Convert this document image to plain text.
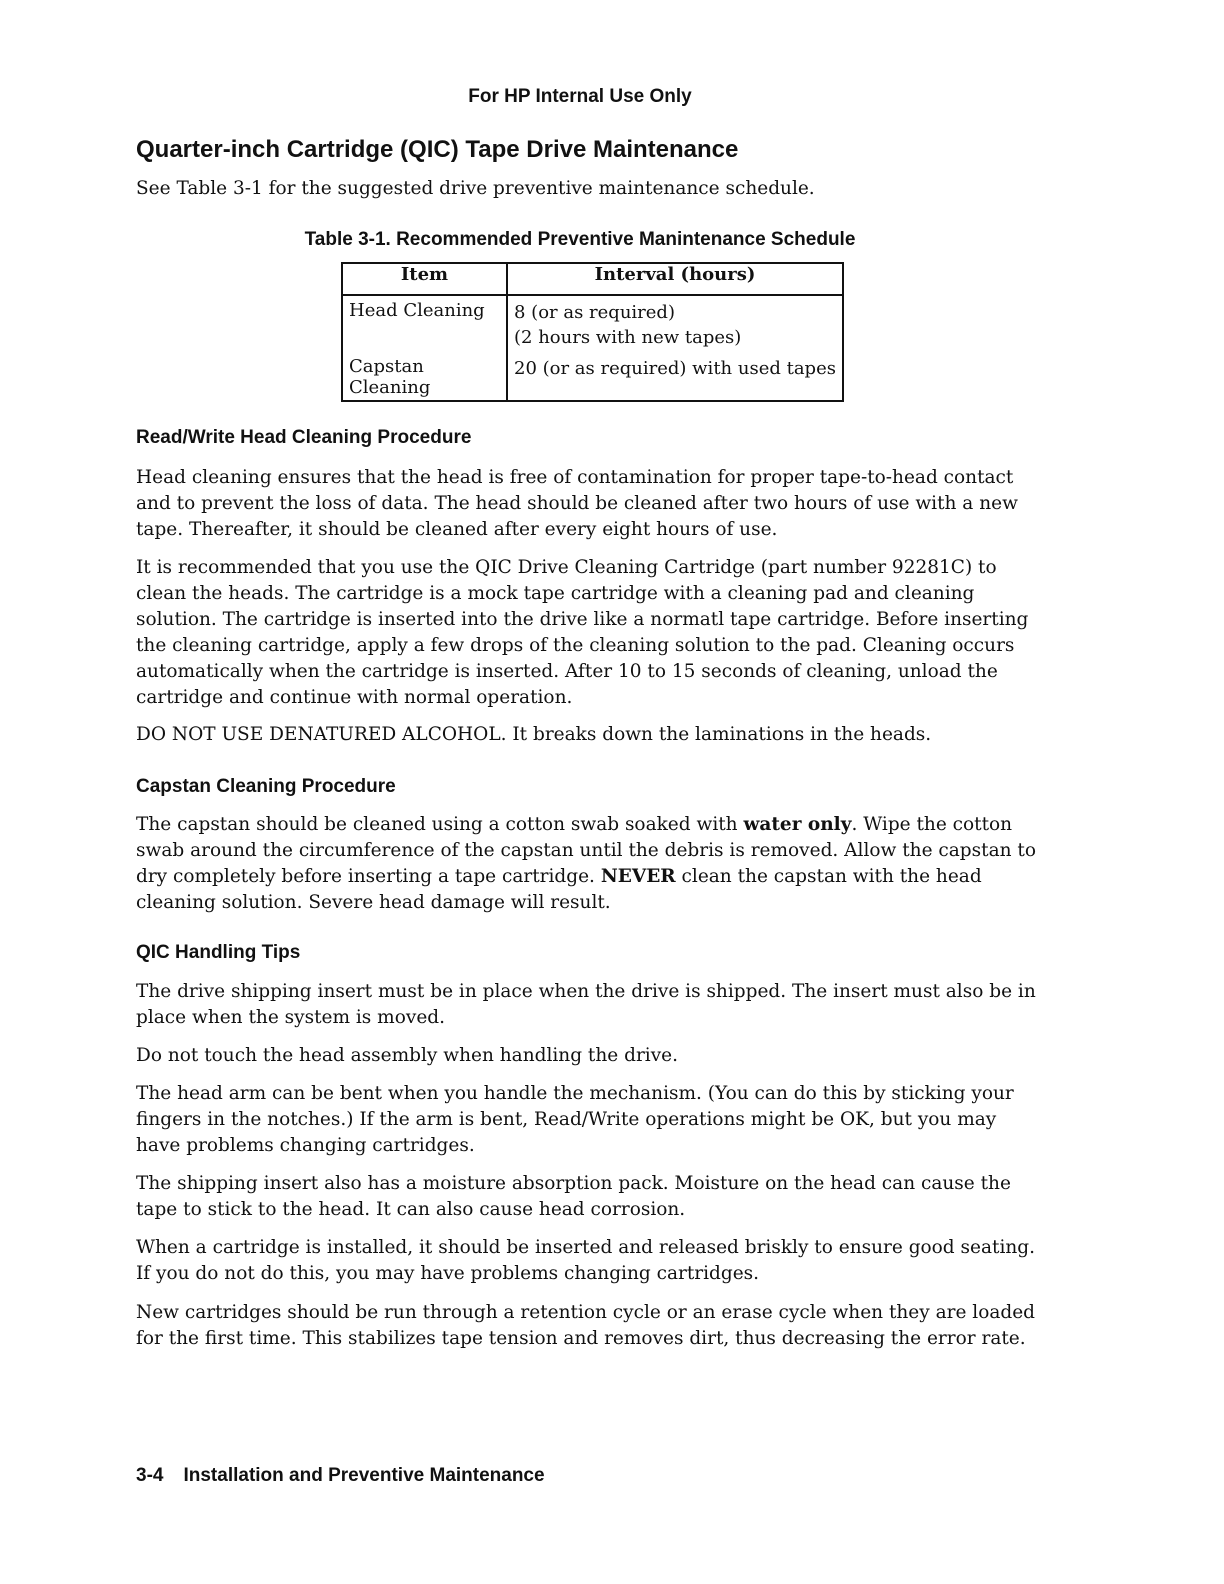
For HP Internal Use Only
Quarter-inch Cartridge (QIC) Tape Drive Maintenance

See Table 3-1 for the suggested drive preventive maintenance schedule.

Table 3-1. Recommended Preventive Manintenance Schedule
Item	Interval (hours)
Head Cleaning	8 (or as required)
(2 hours with new tapes)

Capstan Cleaning	20 (or as required) with used tapes
Read/Write Head Cleaning Procedure

Head cleaning ensures that the head is free of contamination for proper tape-to-head contact and to prevent the loss of data. The head should be cleaned after two hours of use with a new tape. Thereafter, it should be cleaned after every eight hours of use.

It is recommended that you use the QIC Drive Cleaning Cartridge (part number 92281C) to clean the heads. The cartridge is a mock tape cartridge with a cleaning pad and cleaning solution. The cartridge is inserted into the drive like a normatl tape cartridge. Before inserting the cleaning cartridge, apply a few drops of the cleaning solution to the pad. Cleaning occurs automatically when the cartridge is inserted. After 10 to 15 seconds of cleaning, unload the cartridge and continue with normal operation.

DO NOT USE DENATURED ALCOHOL. It breaks down the laminations in the heads.

Capstan Cleaning Procedure

The capstan should be cleaned using a cotton swab soaked with water only. Wipe the cotton swab around the circumference of the capstan until the debris is removed. Allow the capstan to dry completely before inserting a tape cartridge. NEVER clean the capstan with the head cleaning solution. Severe head damage will result.

QIC Handling Tips

The drive shipping insert must be in place when the drive is shipped. The insert must also be in place when the system is moved.

Do not touch the head assembly when handling the drive.

The head arm can be bent when you handle the mechanism. (You can do this by sticking your fingers in the notches.) If the arm is bent, Read/Write operations might be OK, but you may have problems changing cartridges.

The shipping insert also has a moisture absorption pack. Moisture on the head can cause the tape to stick to the head. It can also cause head corrosion.

When a cartridge is installed, it should be inserted and released briskly to ensure good seating. If you do not do this, you may have problems changing cartridges.

New cartridges should be run through a retention cycle or an erase cycle when they are loaded for the first time. This stabilizes tape tension and removes dirt, thus decreasing the error rate.

3-4 Installation and Preventive Maintenance
